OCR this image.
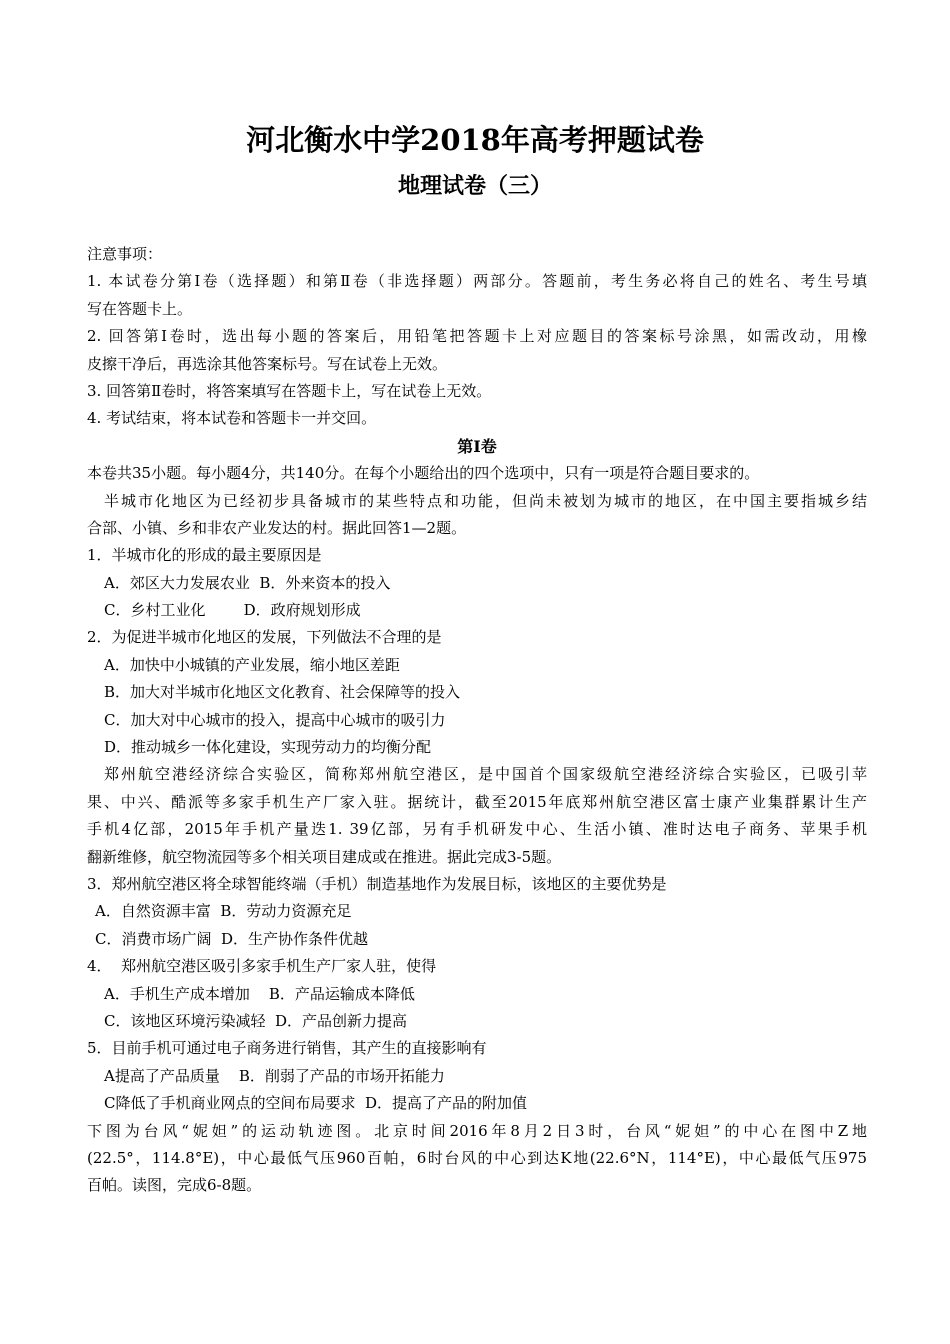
河北衡水中学2018年高考押题试卷
地理试卷（三）
注意事项：
1. 本试卷分第Ⅰ卷（选择题）和第Ⅱ卷（非选择题）两部分。答题前，考生务必将自己的姓名、考生号填
写在答题卡上。
2. 回答第Ⅰ卷时，选出每小题的答案后，用铅笔把答题卡上对应题目的答案标号涂黑，如需改动，用橡
皮擦干净后，再选涂其他答案标号。写在试卷上无效。
3. 回答第Ⅱ卷时，将答案填写在答题卡上，写在试卷上无效。
4. 考试结束，将本试卷和答题卡一并交回。
第Ⅰ卷
本卷共35小题。每小题4分，共140分。在每个小题给出的四个选项中，只有一项是符合题目要求的。
半城市化地区为已经初步具备城市的某些特点和功能，但尚未被划为城市的地区，在中国主要指城乡结
合部、小镇、乡和非农产业发达的村。据此回答1—2题。
1．半城市化的形成的最主要原因是
A．郊区大力发展农业  B．外来资本的投入
C．乡村工业化        D．政府规划形成
2．为促进半城市化地区的发展，下列做法不合理的是
A．加快中小城镇的产业发展，缩小地区差距
B．加大对半城市化地区文化教育、社会保障等的投入
C．加大对中心城市的投入，提高中心城市的吸引力
D．推动城乡一体化建设，实现劳动力的均衡分配
郑州航空港经济综合实验区，简称郑州航空港区，是中国首个国家级航空港经济综合实验区，已吸引苹
果、中兴、酷派等多家手机生产厂家入驻。据统计，截至2015年底郑州航空港区富士康产业集群累计生产
手机4亿部，2015年手机产量迭1. 39亿部，另有手机研发中心、生活小镇、准时达电子商务、苹果手机
翻新维修，航空物流园等多个相关项目建成或在推进。据此完成3-5题。
3．郑州航空港区将全球智能终端（手机）制造基地作为发展目标，该地区的主要优势是
A．自然资源丰富  B．劳动力资源充足
C．消费市场广阔  D．生产协作条件优越
4．  郑州航空港区吸引多家手机生产厂家人驻，使得
A．手机生产成本增加    B．产品运输成本降低
C．该地区环境污染减轻  D．产品创新力提高
5．目前手机可通过电子商务进行销售，其产生的直接影响有
A提高了产品质量    B．削弱了产品的市场开拓能力
C降低了手机商业网点的空间布局要求  D．提高了产品的附加值
下图为台风“妮妲”的运动轨迹图。北京时间2016年8月2日3时，台风“妮妲”的中心在图中Z地
(22.5°，114.8°E)，中心最低气压960百帕，6时台风的中心到达K地(22.6°N，114°E)，中心最低气压975
百帕。读图，完成6-8题。
